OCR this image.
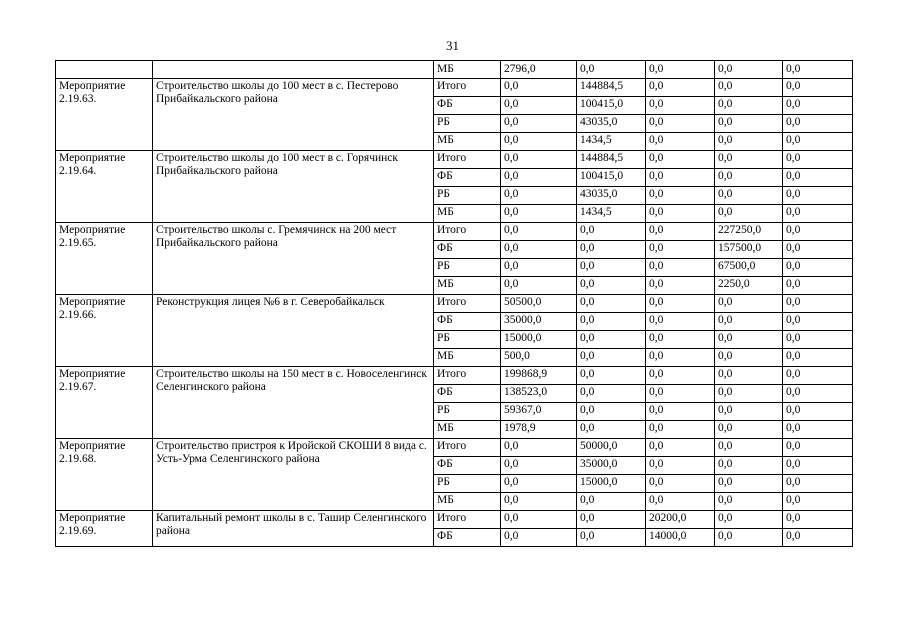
31
		МБ	2796,0	0,0	0,0	0,0	0,0
Мероприятие 2.19.63.	Строительство школы до 100 мест в с. Пестерово Прибайкальского района	Итого	0,0	144884,5	0,0	0,0	0,0
		ФБ	0,0	100415,0	0,0	0,0	0,0
		РБ	0,0	43035,0	0,0	0,0	0,0
		МБ	0,0	1434,5	0,0	0,0	0,0
Мероприятие 2.19.64.	Строительство школы до 100 мест в с. Горячинск Прибайкальского района	Итого	0,0	144884,5	0,0	0,0	0,0
		ФБ	0,0	100415,0	0,0	0,0	0,0
		РБ	0,0	43035,0	0,0	0,0	0,0
		МБ	0,0	1434,5	0,0	0,0	0,0
Мероприятие 2.19.65.	Строительство школы с. Гремячинск на 200 мест Прибайкальского района	Итого	0,0	0,0	0,0	227250,0	0,0
		ФБ	0,0	0,0	0,0	157500,0	0,0
		РБ	0,0	0,0	0,0	67500,0	0,0
		МБ	0,0	0,0	0,0	2250,0	0,0
Мероприятие 2.19.66.	Реконструкция лицея №6 в г. Северобайкальск	Итого	50500,0	0,0	0,0	0,0	0,0
		ФБ	35000,0	0,0	0,0	0,0	0,0
		РБ	15000,0	0,0	0,0	0,0	0,0
		МБ	500,0	0,0	0,0	0,0	0,0
Мероприятие 2.19.67.	Строительство школы на 150 мест в с. Новоселенгинск Селенгинского района	Итого	199868,9	0,0	0,0	0,0	0,0
		ФБ	138523,0	0,0	0,0	0,0	0,0
		РБ	59367,0	0,0	0,0	0,0	0,0
		МБ	1978,9	0,0	0,0	0,0	0,0
Мероприятие 2.19.68.	Строительство пристроя к Иройской СКОШИ 8 вида с. Усть-Урма Селенгинского района	Итого	0,0	50000,0	0,0	0,0	0,0
		ФБ	0,0	35000,0	0,0	0,0	0,0
		РБ	0,0	15000,0	0,0	0,0	0,0
		МБ	0,0	0,0	0,0	0,0	0,0
Мероприятие 2.19.69.	Капитальный ремонт школы в с. Ташир Селенгинского района	Итого	0,0	0,0	20200,0	0,0	0,0
		ФБ	0,0	0,0	14000,0	0,0	0,0
